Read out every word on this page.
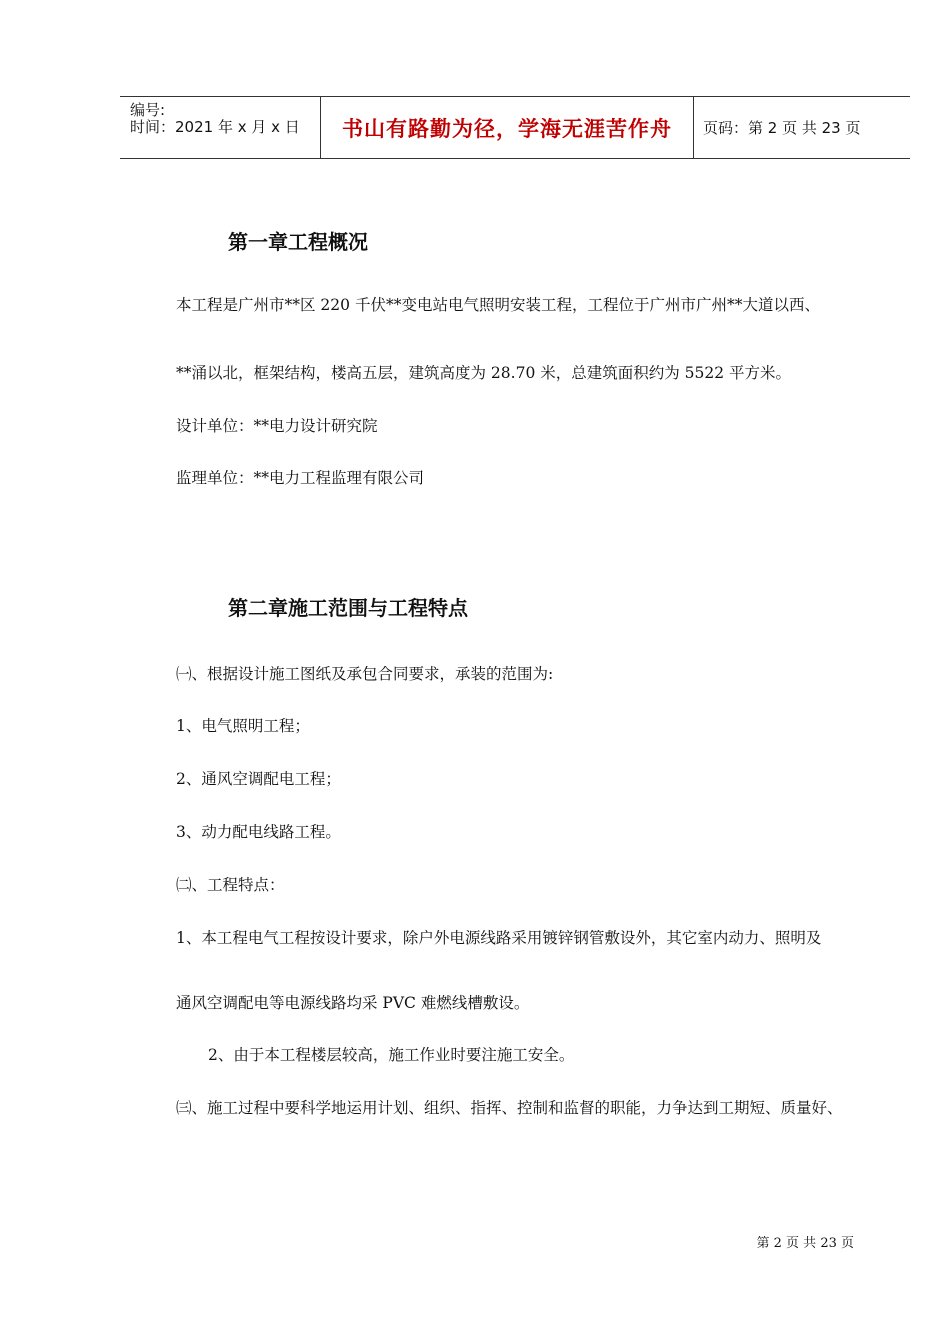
编号:
时间：2021 年 x 月 x 日 书山有路勤为径，学海无涯苦作舟 页码：第 2 页 共 23 页
第一章工程概况
本工程是广州市**区 220 千伏**变电站电气照明安装工程，工程位于广州市广州**大道以西、
**涌以北，框架结构，楼高五层，建筑高度为 28.70 米，总建筑面积约为 5522 平方米。
设计单位：**电力设计研究院
监理单位：**电力工程监理有限公司
第二章施工范围与工程特点
㈠、根据设计施工图纸及承包合同要求，承装的范围为:
1、电气照明工程；
2、通风空调配电工程；
3、动力配电线路工程。
㈡、工程特点：
1、本工程电气工程按设计要求，除户外电源线路采用镀锌钢管敷设外，其它室内动力、照明及
通风空调配电等电源线路均采 PVC 难燃线槽敷设。
2、由于本工程楼层较高，施工作业时要注施工安全。
㈢、施工过程中要科学地运用计划、组织、指挥、控制和监督的职能，力争达到工期短、质量好、
第 2 页 共 23 页
